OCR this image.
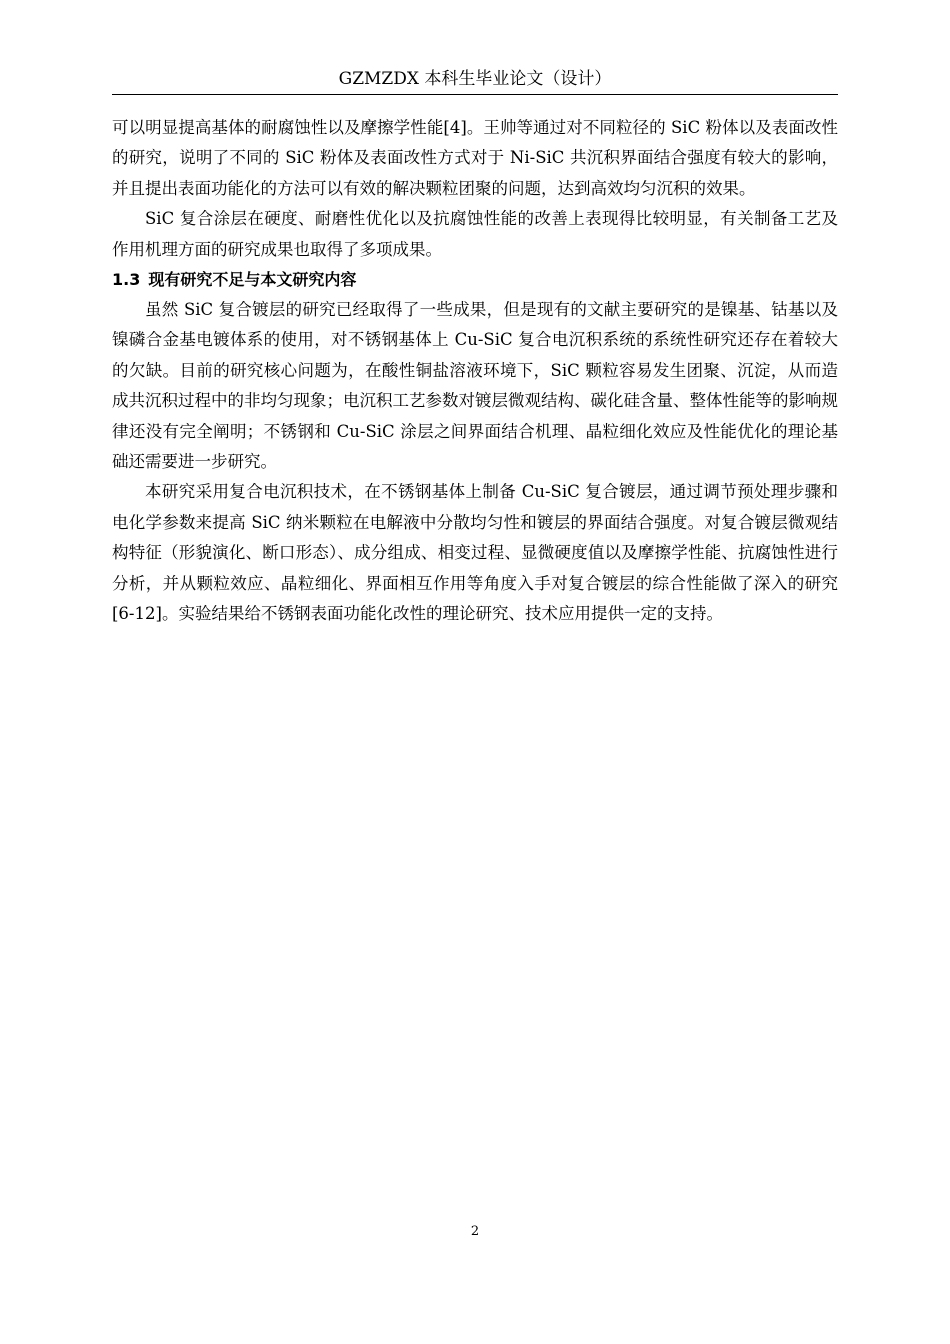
GZMZDX 本科生毕业论文（设计）

可以明显提高基体的耐腐蚀性以及摩擦学性能[4]。王帅等通过对不同粒径的 SiC 粉体以及表面改性的研究，说明了不同的 SiC 粉体及表面改性方式对于 Ni-SiC 共沉积界面结合强度有较大的影响，并且提出表面功能化的方法可以有效的解决颗粒团聚的问题，达到高效均匀沉积的效果。

SiC 复合涂层在硬度、耐磨性优化以及抗腐蚀性能的改善上表现得比较明显，有关制备工艺及作用机理方面的研究成果也取得了多项成果。

1.3 现有研究不足与本文研究内容

虽然 SiC 复合镀层的研究已经取得了一些成果，但是现有的文献主要研究的是镍基、钴基以及镍磷合金基电镀体系的使用，对不锈钢基体上 Cu-SiC 复合电沉积系统的系统性研究还存在着较大的欠缺。目前的研究核心问题为，在酸性铜盐溶液环境下，SiC 颗粒容易发生团聚、沉淀，从而造成共沉积过程中的非均匀现象；电沉积工艺参数对镀层微观结构、碳化硅含量、整体性能等的影响规律还没有完全阐明；不锈钢和 Cu-SiC 涂层之间界面结合机理、晶粒细化效应及性能优化的理论基础还需要进一步研究。

本研究采用复合电沉积技术，在不锈钢基体上制备 Cu-SiC 复合镀层，通过调节预处理步骤和电化学参数来提高 SiC 纳米颗粒在电解液中分散均匀性和镀层的界面结合强度。对复合镀层微观结构特征（形貌演化、断口形态）、成分组成、相变过程、显微硬度值以及摩擦学性能、抗腐蚀性进行分析，并从颗粒效应、晶粒细化、界面相互作用等角度入手对复合镀层的综合性能做了深入的研究[6-12]。实验结果给不锈钢表面功能化改性的理论研究、技术应用提供一定的支持。

2
